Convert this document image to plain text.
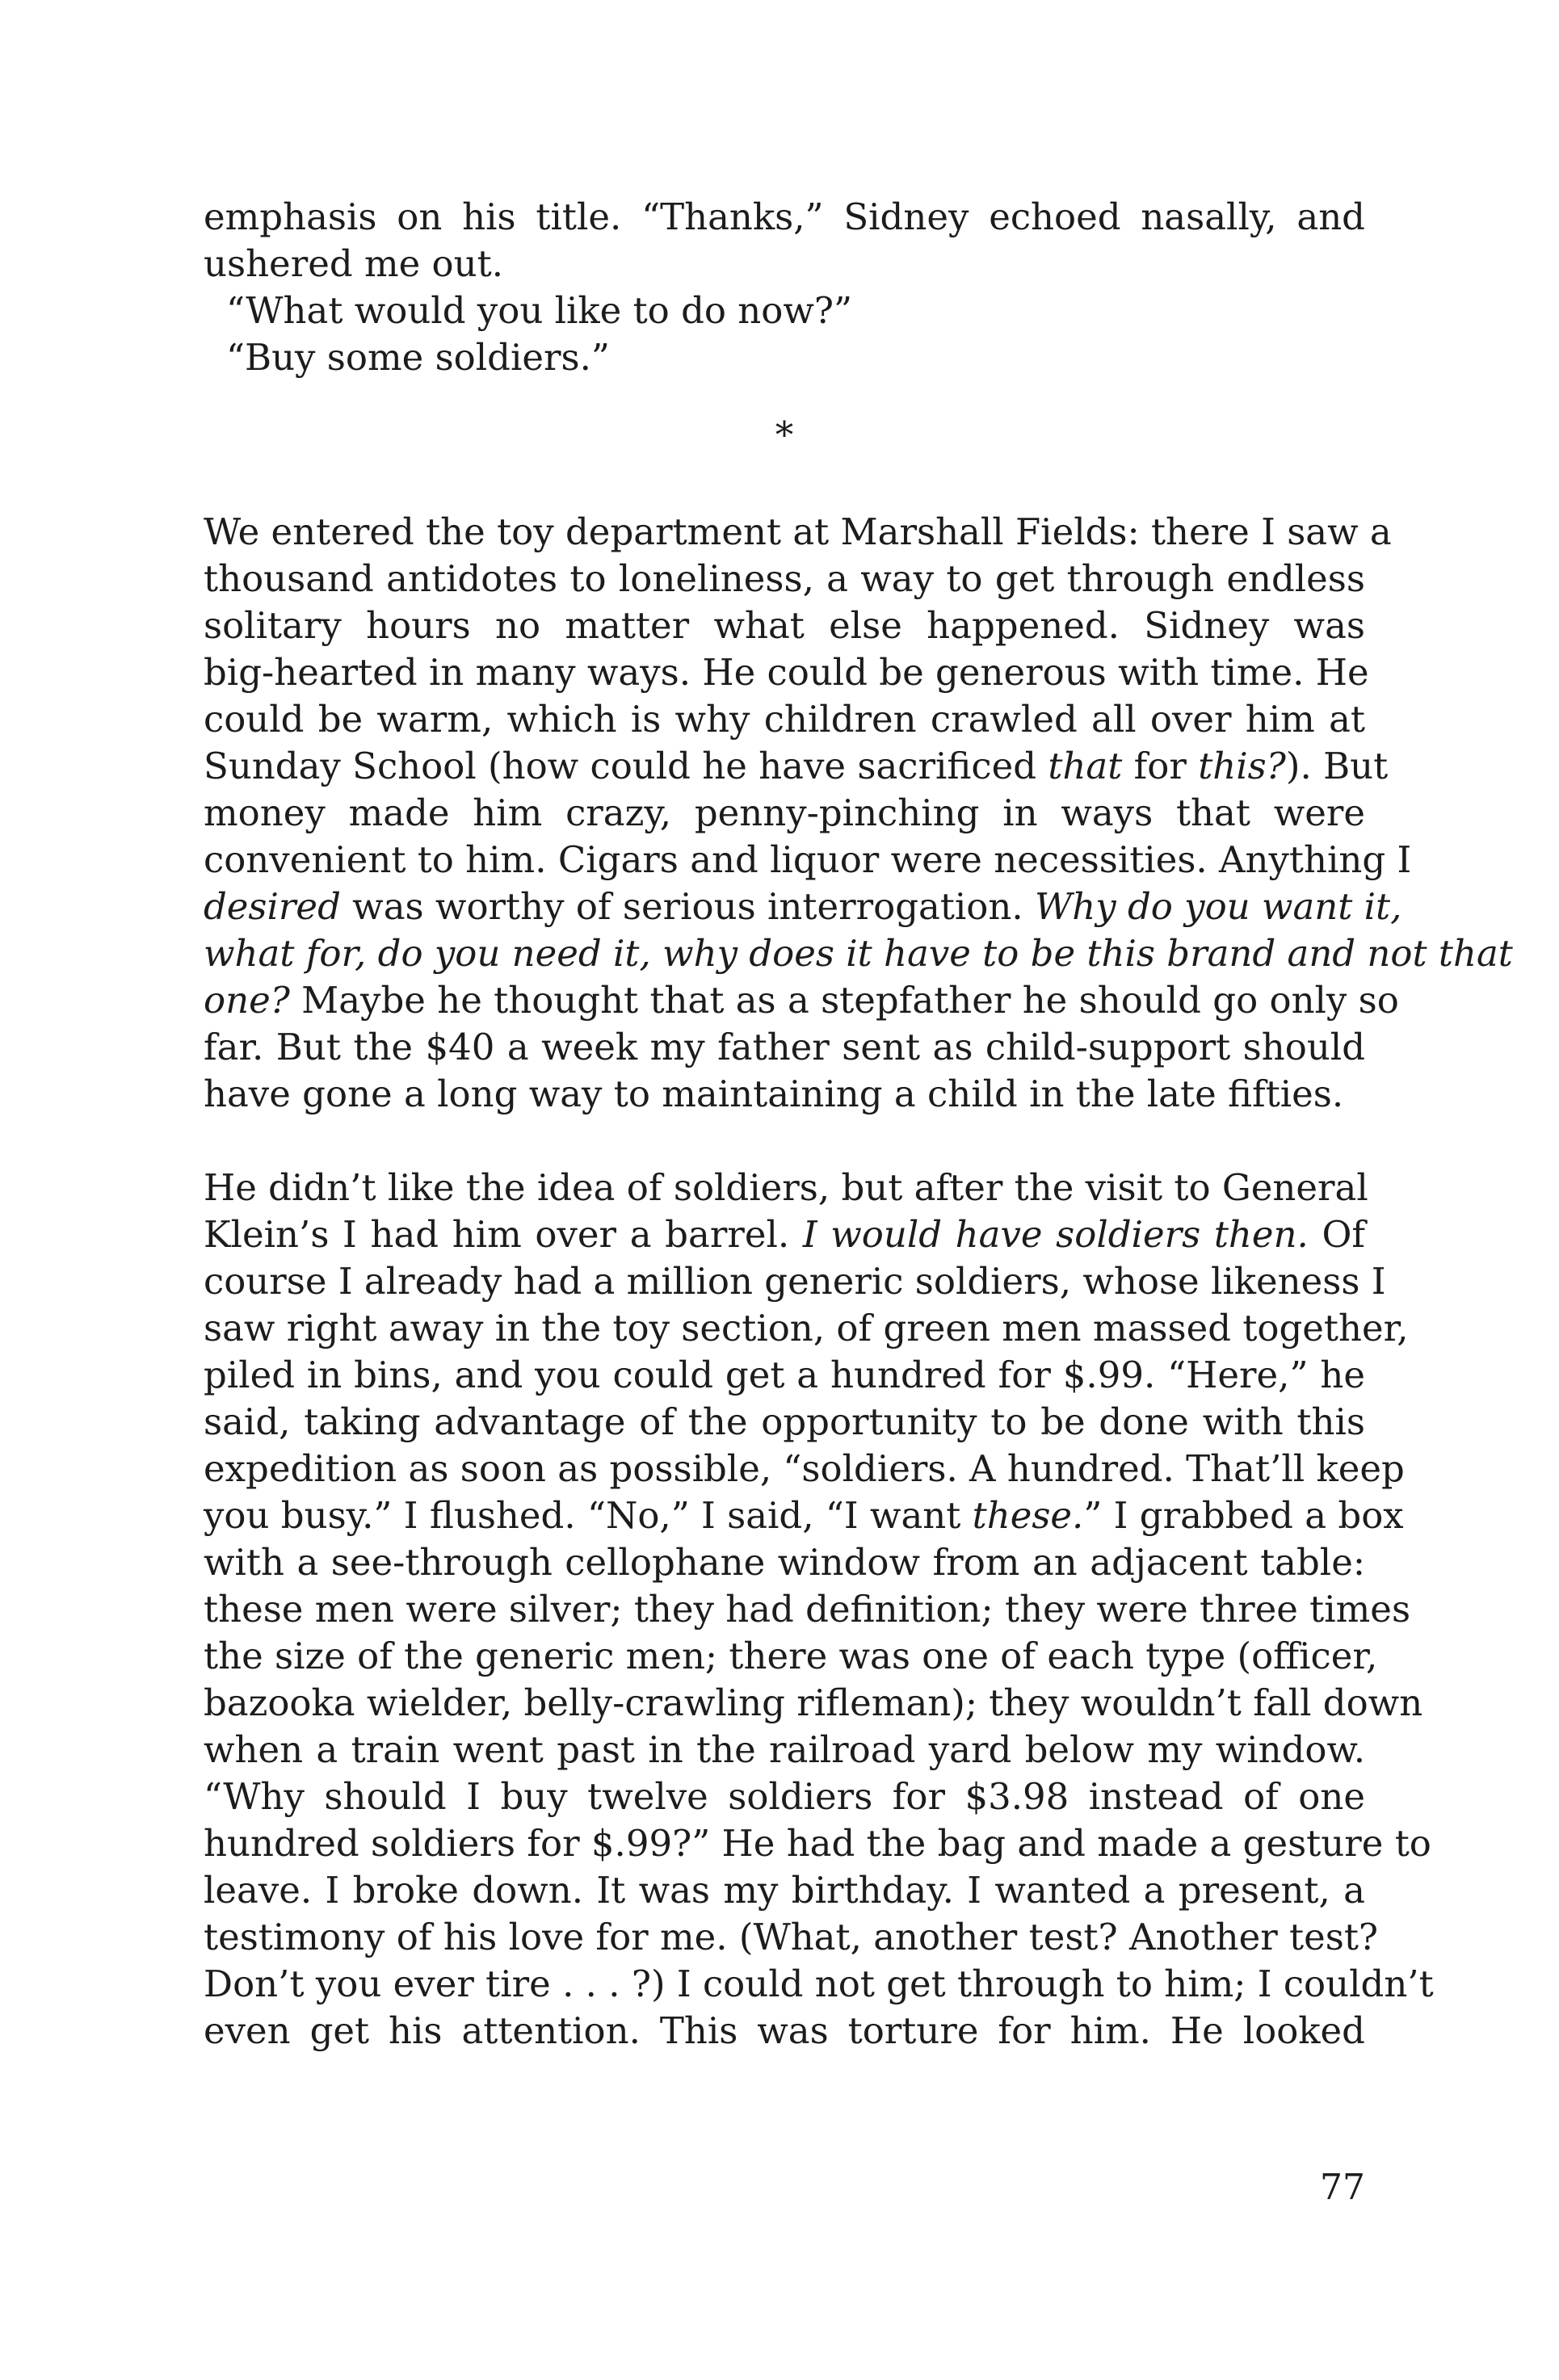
emphasis on his title. “Thanks,” Sidney echoed nasally, and
ushered me out.
“What would you like to do now?”
“Buy some soldiers.”
*
We entered the toy department at Marshall Fields: there I saw a
thousand antidotes to loneliness, a way to get through endless
solitary hours no matter what else happened. Sidney was
big-hearted in many ways. He could be generous with time. He
could be warm, which is why children crawled all over him at
Sunday School (how could he have sacrificed that for this?). But
money made him crazy, penny-pinching in ways that were
convenient to him. Cigars and liquor were necessities. Anything I
desired was worthy of serious interrogation. Why do you want it,
what for, do you need it, why does it have to be this brand and not that
one? Maybe he thought that as a stepfather he should go only so
far. But the $40 a week my father sent as child-support should
have gone a long way to maintaining a child in the late fifties.
He didn’t like the idea of soldiers, but after the visit to General
Klein’s I had him over a barrel. I would have soldiers then. Of
course I already had a million generic soldiers, whose likeness I
saw right away in the toy section, of green men massed together,
piled in bins, and you could get a hundred for $.99. “Here,” he
said, taking advantage of the opportunity to be done with this
expedition as soon as possible, “soldiers. A hundred. That’ll keep
you busy.” I flushed. “No,” I said, “I want these.” I grabbed a box
with a see-through cellophane window from an adjacent table:
these men were silver; they had definition; they were three times
the size of the generic men; there was one of each type (officer,
bazooka wielder, belly-crawling rifleman); they wouldn’t fall down
when a train went past in the railroad yard below my window.
“Why should I buy twelve soldiers for $3.98 instead of one
hundred soldiers for $.99?” He had the bag and made a gesture to
leave. I broke down. It was my birthday. I wanted a present, a
testimony of his love for me. (What, another test? Another test?
Don’t you ever tire . . . ?) I could not get through to him; I couldn’t
even get his attention. This was torture for him. He looked
77
